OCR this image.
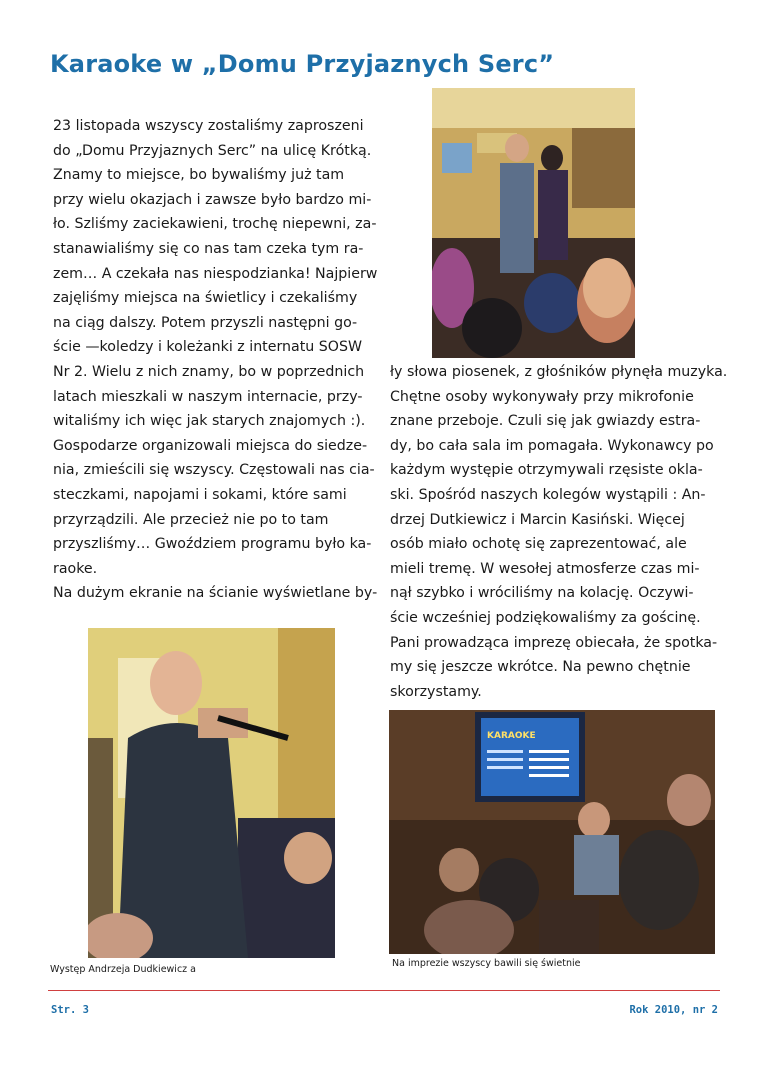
Karaoke w „Domu Przyjaznych Serc”
23 listopada wszyscy zostaliśmy zaproszeni
do „Domu Przyjaznych Serc” na ulicę Krótką.
Znamy to miejsce, bo bywaliśmy już tam
przy wielu okazjach i zawsze było bardzo mi-
ło. Szliśmy zaciekawieni, trochę niepewni, za-
stanawialiśmy się co nas tam czeka tym ra-
zem… A czekała nas niespodzianka! Najpierw
zajęliśmy miejsca na świetlicy i czekaliśmy
na ciąg dalszy. Potem przyszli następni go-
ście —koledzy i koleżanki z internatu SOSW
Nr 2. Wielu z nich znamy, bo w poprzednich
latach mieszkali w naszym internacie, przy-
witaliśmy ich więc jak starych znajomych :).
Gospodarze organizowali miejsca do siedze-
nia, zmieścili się wszyscy. Częstowali nas cia-
steczkami, napojami i sokami, które sami
przyrządzili. Ale przecież nie po to tam
przyszliśmy… Gwoździem programu było ka-
raoke.
Na dużym ekranie na ścianie wyświetlane by-
ły słowa piosenek, z głośników płynęła muzyka.
Chętne osoby wykonywały przy mikrofonie
znane przeboje. Czuli się jak gwiazdy estra-
dy, bo cała sala im pomagała. Wykonawcy po
każdym występie otrzymywali rzęsiste okla-
ski. Spośród naszych kolegów wystąpili : An-
drzej Dutkiewicz i Marcin Kasiński. Więcej
osób miało ochotę się zaprezentować, ale
mieli tremę. W wesołej atmosferze czas mi-
nął szybko i wróciliśmy na kolację. Oczywi-
ście wcześniej podziękowaliśmy za gościnę.
Pani prowadząca imprezę obiecała, że spotka-
my się jeszcze wkrótce. Na pewno chętnie
skorzystamy.
KARAOKE
Występ Andrzeja Dudkiewicz a
Na imprezie wszyscy bawili się świetnie
Str. 3	Rok 2010, nr 2
